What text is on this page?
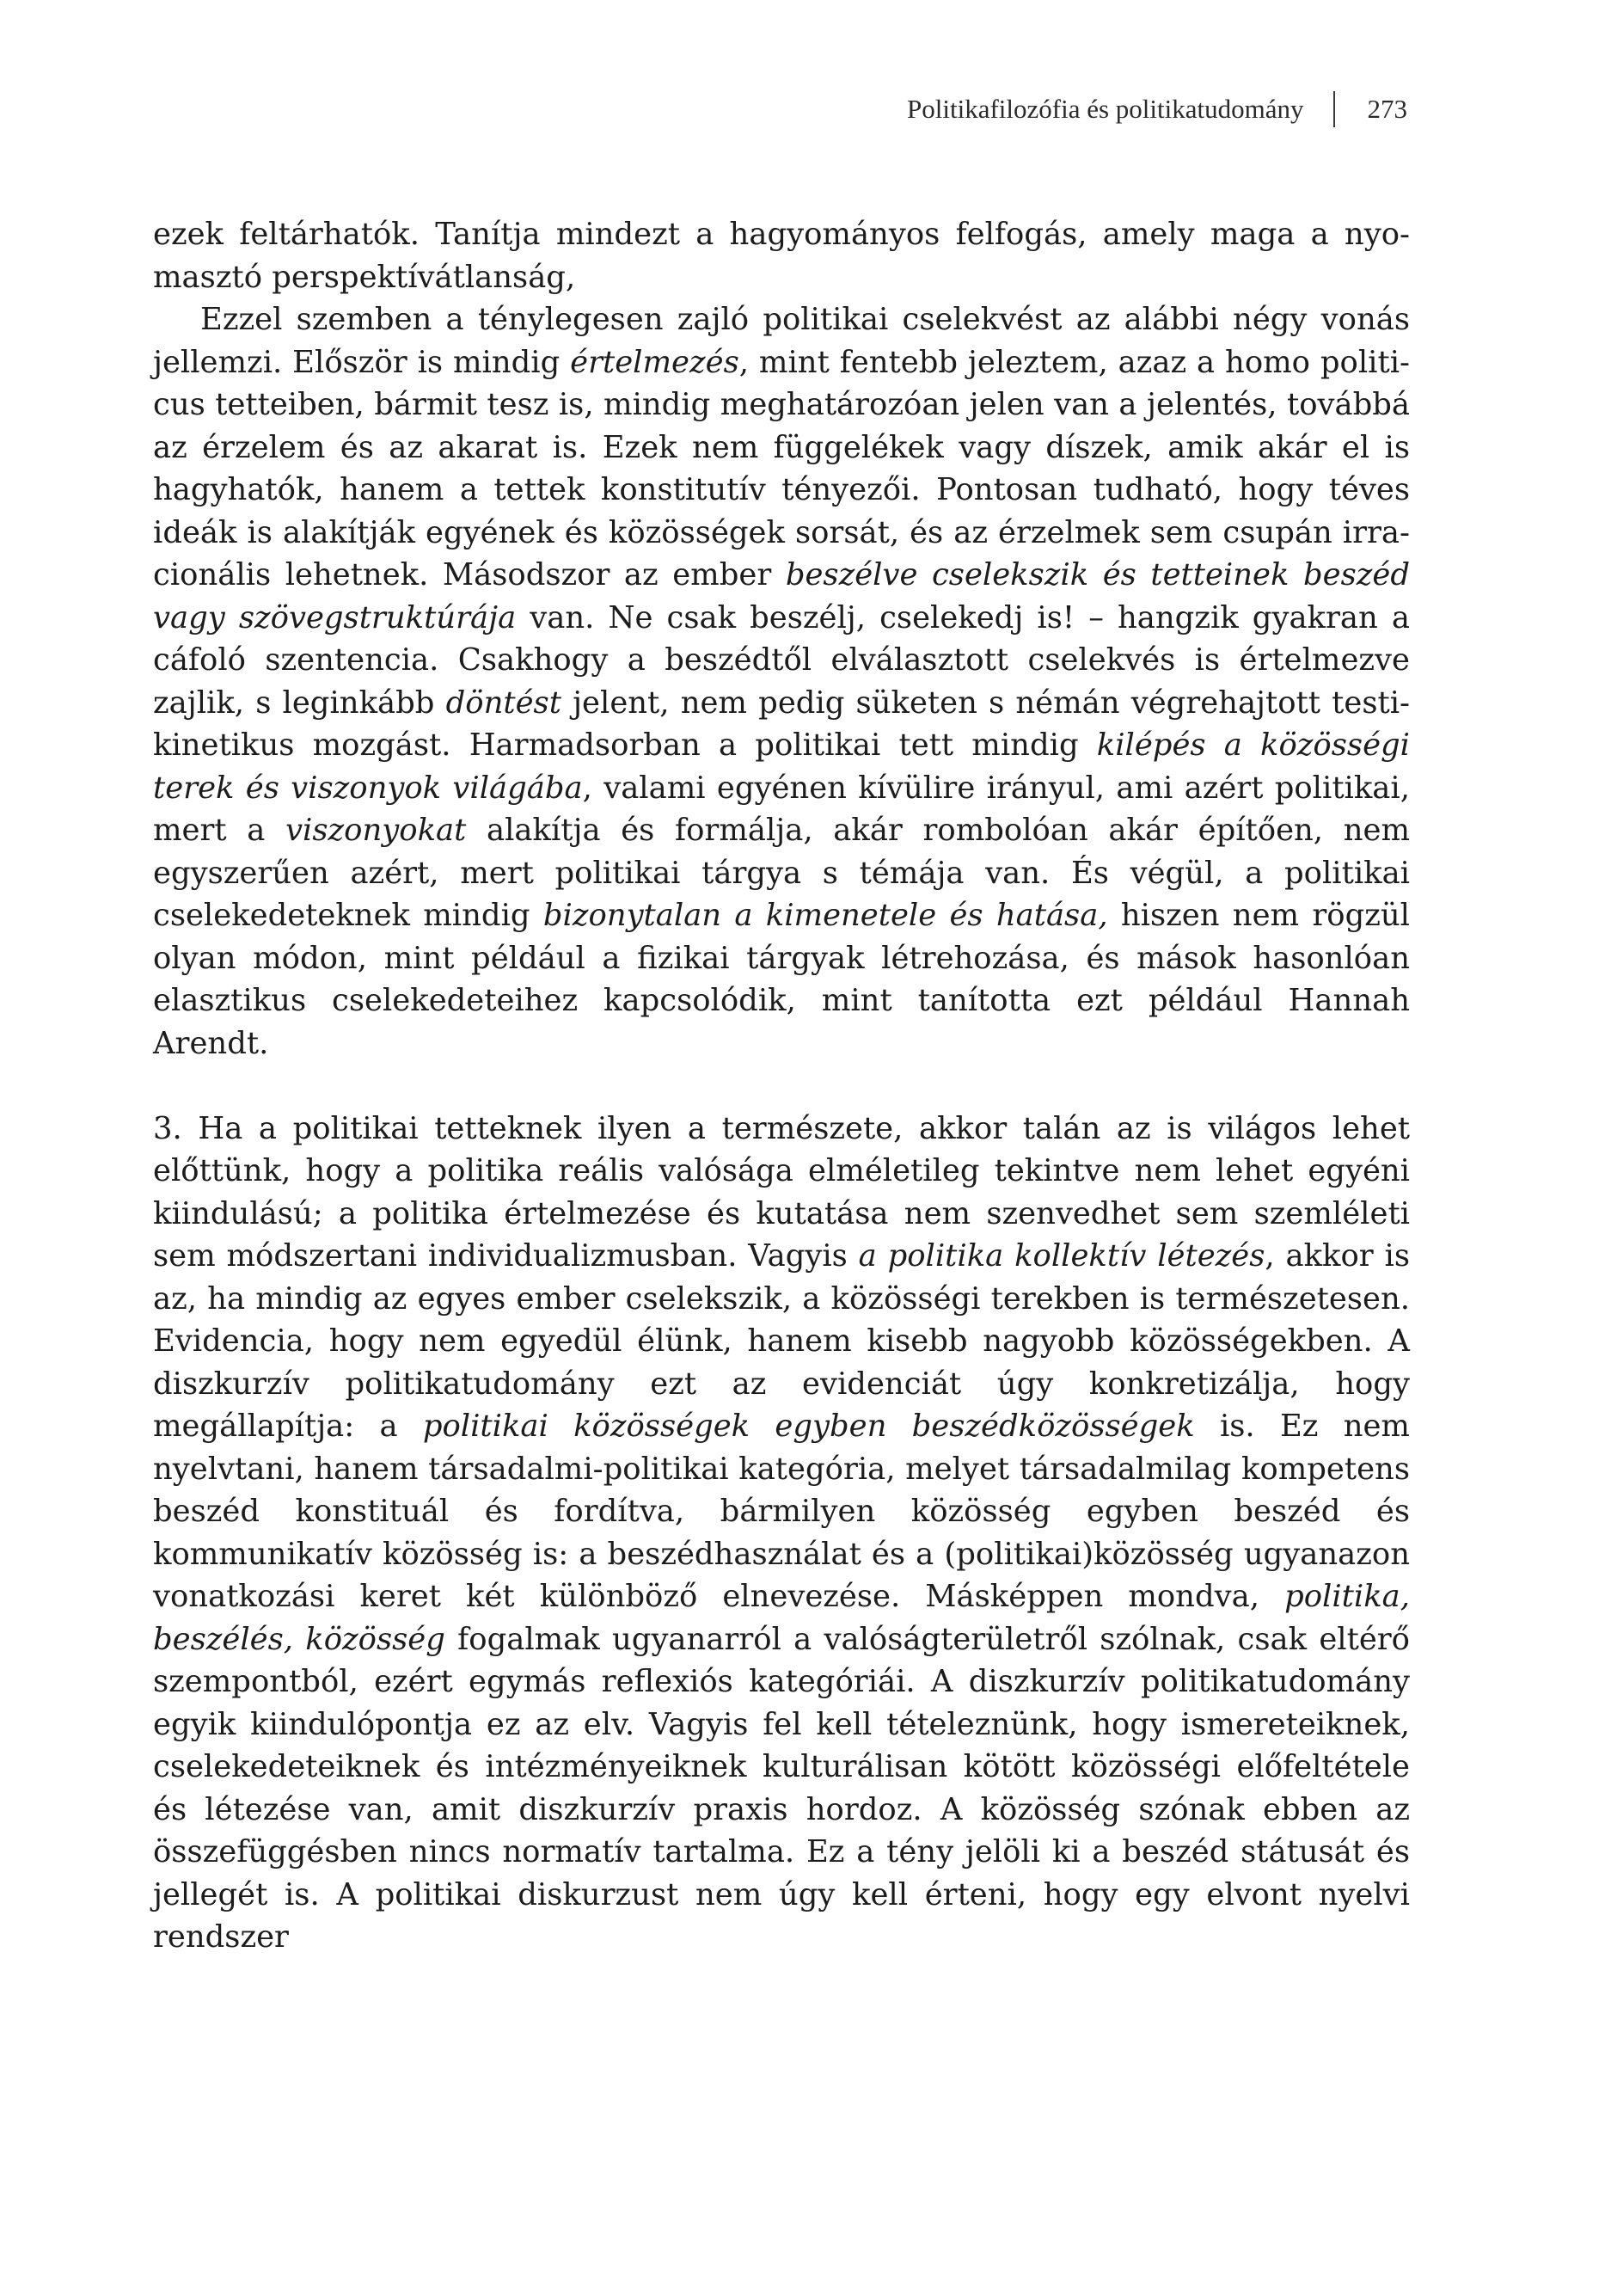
Politikafilozófia és politikatudomány 273

ezek feltárhatók. Tanítja mindezt a hagyományos felfogás, amely maga a nyomasztó perspektívátlanság,

Ezzel szemben a ténylegesen zajló politikai cselekvést az alábbi négy vonás jellemzi. Először is mindig értelmezés, mint fentebb jeleztem, azaz a homo politicus tetteiben, bármit tesz is, mindig meghatározóan jelen van a jelentés, továbbá az érzelem és az akarat is. Ezek nem függelékek vagy díszek, amik akár el is hagyhatók, hanem a tettek konstitutív tényezői. Pontosan tudható, hogy téves ideák is alakítják egyének és közösségek sorsát, és az érzelmek sem csupán irracionális lehetnek. Másodszor az ember beszélve cselekszik és tetteinek beszéd vagy szövegstruktúrája van. Ne csak beszélj, cselekedj is! – hangzik gyakran a cáfoló szentencia. Csakhogy a beszédtől elválasztott cselekvés is értelmezve zajlik, s leginkább döntést jelent, nem pedig süketen s némán végrehajtott testi-kinetikus mozgást. Harmadsorban a politikai tett mindig kilépés a közösségi terek és viszonyok világába, valami egyénen kívülire irányul, ami azért politikai, mert a viszonyokat alakítja és formálja, akár rombolóan akár építően, nem egyszerűen azért, mert politikai tárgya s témája van. És végül, a politikai cselekedeteknek mindig bizonytalan a kimenetele és hatása, hiszen nem rögzül olyan módon, mint például a fizikai tárgyak létrehozása, és mások hasonlóan elasztikus cselekedeteihez kapcsolódik, mint tanította ezt például Hannah Arendt.

3. Ha a politikai tetteknek ilyen a természete, akkor talán az is világos lehet előttünk, hogy a politika reális valósága elméletileg tekintve nem lehet egyéni kiindulású; a politika értelmezése és kutatása nem szenvedhet sem szemléleti sem módszertani individualizmusban. Vagyis a politika kollektív létezés, akkor is az, ha mindig az egyes ember cselekszik, a közösségi terekben is természetesen. Evidencia, hogy nem egyedül élünk, hanem kisebb nagyobb közösségekben. A diszkurzív politikatudomány ezt az evidenciát úgy konkretizálja, hogy megállapítja: a politikai közösségek egyben beszédközösségek is. Ez nem nyelvtani, hanem társadalmi-politikai kategória, melyet társadalmilag kompetens beszéd konstituál és fordítva, bármilyen közösség egyben beszéd és kommunikatív közösség is: a beszédhasználat és a (politikai)közösség ugyanazon vonatkozási keret két különböző elnevezése. Másképpen mondva, politika, beszélés, közösség fogalmak ugyanarról a valóságterületről szólnak, csak eltérő szempontból, ezért egymás reflexiós kategóriái. A diszkurzív politikatudomány egyik kiindulópontja ez az elv. Vagyis fel kell tételeznünk, hogy ismereteiknek, cselekedeteiknek és intézményeiknek kulturálisan kötött közösségi előfeltétele és létezése van, amit diszkurzív praxis hordoz. A közösség szónak ebben az összefüggésben nincs normatív tartalma. Ez a tény jelöli ki a beszéd státusát és jellegét is. A politikai diskurzust nem úgy kell érteni, hogy egy elvont nyelvi rendszer
